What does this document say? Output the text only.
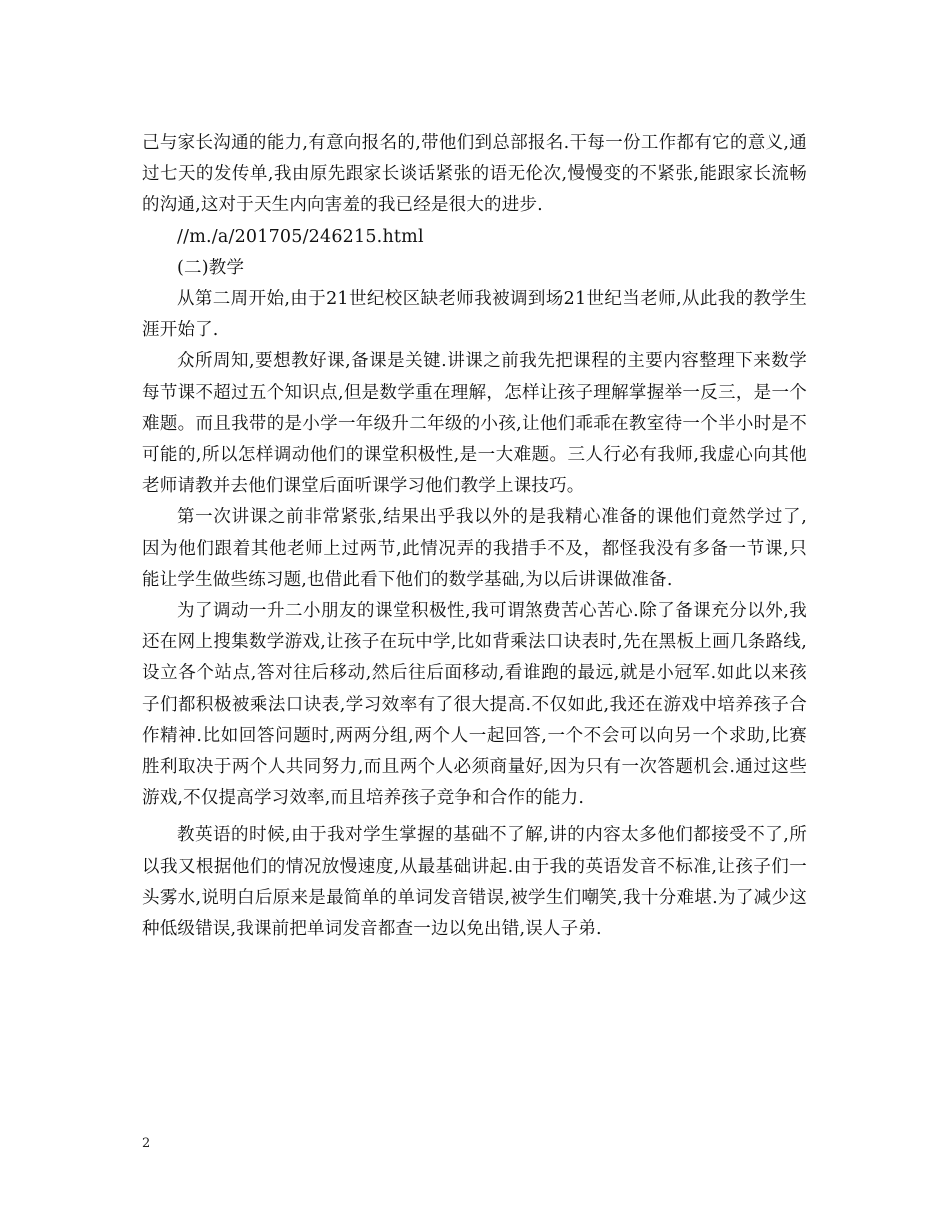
己与家长沟通的能力,有意向报名的,带他们到总部报名.干每一份工作都有它的意义,通过七天的发传单,我由原先跟家长谈话紧张的语无伦次,慢慢变的不紧张,能跟家长流畅的沟通,这对于天生内向害羞的我已经是很大的进步.

//m./a/201705/246215.html

(二)教学

从第二周开始,由于21世纪校区缺老师我被调到场21世纪当老师,从此我的教学生涯开始了.

众所周知,要想教好课,备课是关键.讲课之前我先把课程的主要内容整理下来数学每节课不超过五个知识点,但是数学重在理解，怎样让孩子理解掌握举一反三，是一个难题。而且我带的是小学一年级升二年级的小孩,让他们乖乖在教室待一个半小时是不可能的,所以怎样调动他们的课堂积极性,是一大难题。三人行必有我师,我虚心向其他老师请教并去他们课堂后面听课学习他们教学上课技巧。

第一次讲课之前非常紧张,结果出乎我以外的是我精心准备的课他们竟然学过了,因为他们跟着其他老师上过两节,此情况弄的我措手不及，都怪我没有多备一节课,只能让学生做些练习题,也借此看下他们的数学基础,为以后讲课做准备.

为了调动一升二小朋友的课堂积极性,我可谓煞费苦心苦心.除了备课充分以外,我还在网上搜集数学游戏,让孩子在玩中学,比如背乘法口诀表时,先在黑板上画几条路线,设立各个站点,答对往后移动,然后往后面移动,看谁跑的最远,就是小冠军.如此以来孩子们都积极被乘法口诀表,学习效率有了很大提高.不仅如此,我还在游戏中培养孩子合作精神.比如回答问题时,两两分组,两个人一起回答,一个不会可以向另一个求助,比赛胜利取决于两个人共同努力,而且两个人必须商量好,因为只有一次答题机会.通过这些游戏,不仅提高学习效率,而且培养孩子竞争和合作的能力.

教英语的时候,由于我对学生掌握的基础不了解,讲的内容太多他们都接受不了,所以我又根据他们的情况放慢速度,从最基础讲起.由于我的英语发音不标准,让孩子们一头雾水,说明白后原来是最简单的单词发音错误,被学生们嘲笑,我十分难堪.为了减少这种低级错误,我课前把单词发音都查一边以免出错,误人子弟.

2
